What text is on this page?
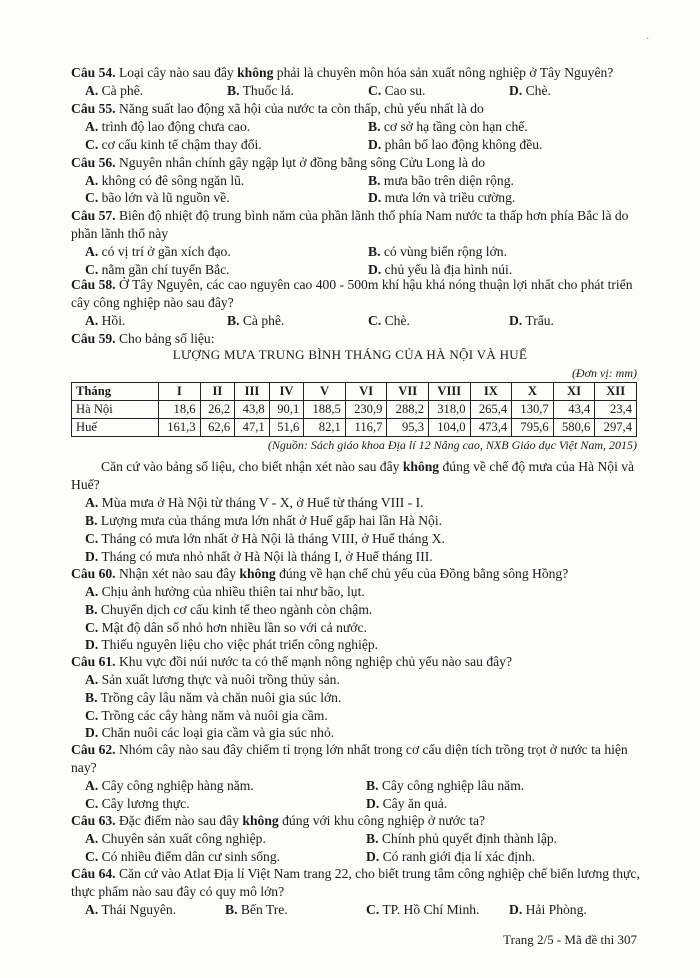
·
Câu 54. Loại cây nào sau đây không phải là chuyên môn hóa sản xuất nông nghiệp ở Tây Nguyên?
A. Cà phê.	B. Thuốc lá.	C. Cao su.	D. Chè.
Câu 55. Năng suất lao động xã hội của nước ta còn thấp, chủ yếu nhất là do
A. trình độ lao động chưa cao.	B. cơ sở hạ tầng còn hạn chế.
C. cơ cấu kinh tế chậm thay đổi.	D. phân bố lao động không đều.
Câu 56. Nguyên nhân chính gây ngập lụt ở đồng bằng sông Cửu Long là do
A. không có đê sông ngăn lũ.	B. mưa bão trên diện rộng.
C. bão lớn và lũ nguồn về.	D. mưa lớn và triều cường.
Câu 57. Biên độ nhiệt độ trung bình năm của phần lãnh thổ phía Nam nước ta thấp hơn phía Bắc là do phần lãnh thổ này
A. có vị trí ở gần xích đạo.	B. có vùng biển rộng lớn.
C. nằm gần chí tuyến Bắc.	D. chủ yếu là địa hình núi.
Câu 58. Ở Tây Nguyên, các cao nguyên cao 400 - 500m khí hậu khá nóng thuận lợi nhất cho phát triển cây công nghiệp nào sau đây?
A. Hồi.	B. Cà phê.	C. Chè.	D. Trẩu.
Câu 59. Cho bảng số liệu:
LƯỢNG MƯA TRUNG BÌNH THÁNG CỦA HÀ NỘI VÀ HUẾ
(Đơn vị: mm)
Tháng	I	II	III	IV	V	VI	VII	VIII	IX	X	XI	XII
Hà Nội	18,6	26,2	43,8	90,1	188,5	230,9	288,2	318,0	265,4	130,7	43,4	23,4
Huế	161,3	62,6	47,1	51,6	82,1	116,7	95,3	104,0	473,4	795,6	580,6	297,4
(Nguồn: Sách giáo khoa Địa lí 12 Nâng cao, NXB Giáo dục Việt Nam, 2015)
Căn cứ vào bảng số liệu, cho biết nhận xét nào sau đây không đúng về chế độ mưa của Hà Nội và Huế?
A. Mùa mưa ở Hà Nội từ tháng V - X, ở Huế từ tháng VIII - I.
B. Lượng mưa của tháng mưa lớn nhất ở Huế gấp hai lần Hà Nội.
C. Tháng có mưa lớn nhất ở Hà Nội là tháng VIII, ở Huế tháng X.
D. Tháng có mưa nhỏ nhất ở Hà Nội là tháng I, ở Huế tháng III.
Câu 60. Nhận xét nào sau đây không đúng về hạn chế chủ yếu của Đồng bằng sông Hồng?
A. Chịu ảnh hưởng của nhiều thiên tai như bão, lụt.
B. Chuyển dịch cơ cấu kinh tế theo ngành còn chậm.
C. Mật độ dân số nhỏ hơn nhiều lần so với cả nước.
D. Thiếu nguyên liệu cho việc phát triển công nghiệp.
Câu 61. Khu vực đồi núi nước ta có thế mạnh nông nghiệp chủ yếu nào sau đây?
A. Sản xuất lương thực và nuôi trồng thủy sản.
B. Trồng cây lâu năm và chăn nuôi gia súc lớn.
C. Trồng các cây hàng năm và nuôi gia cầm.
D. Chăn nuôi các loại gia cầm và gia súc nhỏ.
Câu 62. Nhóm cây nào sau đây chiếm tỉ trọng lớn nhất trong cơ cấu diện tích trồng trọt ở nước ta hiện nay?
A. Cây công nghiệp hàng năm.	B. Cây công nghiệp lâu năm.
C. Cây lương thực.	D. Cây ăn quả.
Câu 63. Đặc điểm nào sau đây không đúng với khu công nghiệp ở nước ta?
A. Chuyên sản xuất công nghiệp.	B. Chính phủ quyết định thành lập.
C. Có nhiều điểm dân cư sinh sống.	D. Có ranh giới địa lí xác định.
Câu 64. Căn cứ vào Atlat Địa lí Việt Nam trang 22, cho biết trung tâm công nghiệp chế biến lương thực, thực phẩm nào sau đây có quy mô lớn?
A. Thái Nguyên.	B. Bến Tre.	C. TP. Hồ Chí Minh. D. Hải Phòng.
Trang 2/5 - Mã đề thi 307
